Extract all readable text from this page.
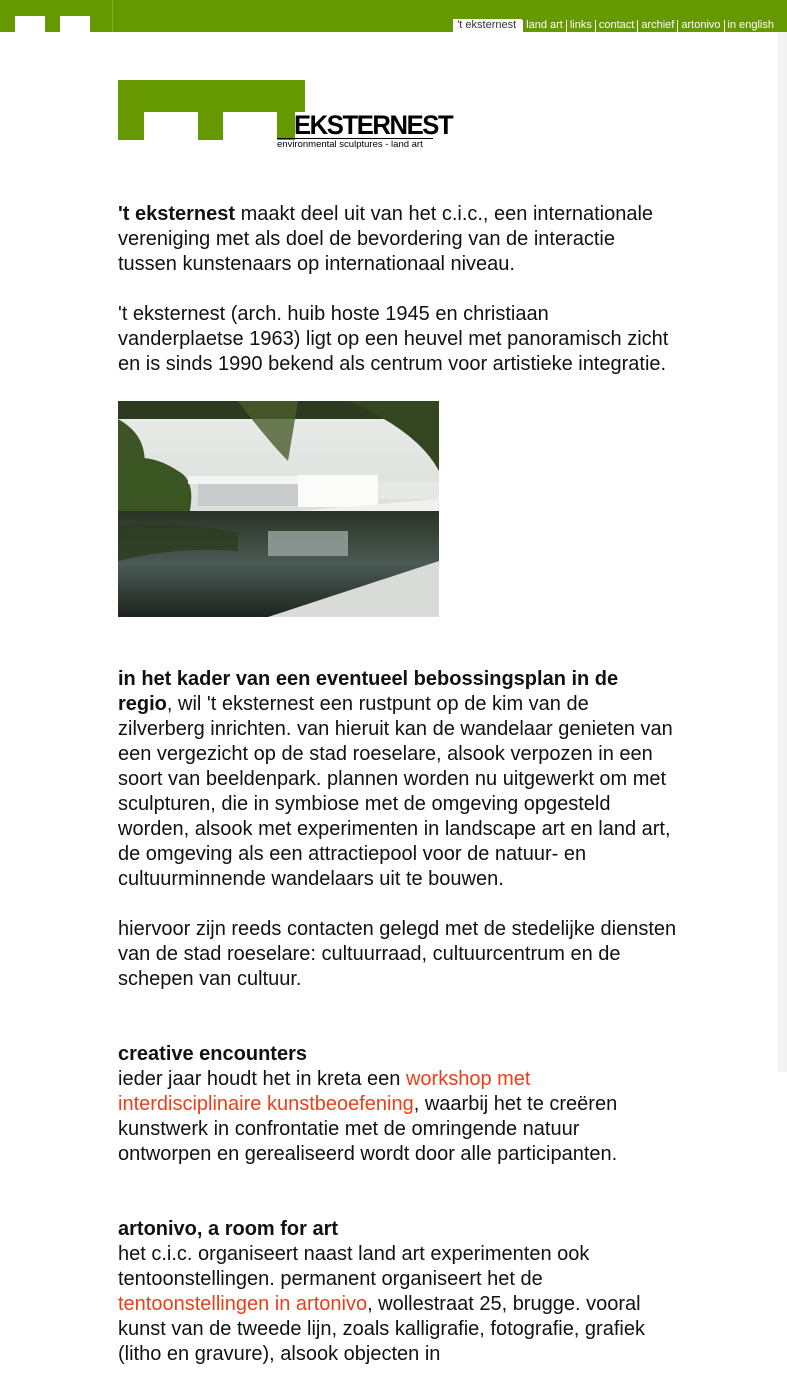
't eksternest land art links contact archief artonivo in english
EKSTERNEST
environmental sculptures - land art

't eksternest maakt deel uit van het c.i.c., een internationale vereniging met als doel de bevordering van de interactie tussen kunstenaars op internationaal niveau.

't eksternest (arch. huib hoste 1945 en christiaan vanderplaetse 1963) ligt op een heuvel met panoramisch zicht en is sinds 1990 bekend als centrum voor artistieke integratie.

in het kader van een eventueel bebossingsplan in de regio, wil 't eksternest een rustpunt op de kim van de zilverberg inrichten. van hieruit kan de wandelaar genieten van een vergezicht op de stad roeselare, alsook verpozen in een soort van beeldenpark. plannen worden nu uitgewerkt om met sculpturen, die in symbiose met de omgeving opgesteld worden, alsook met experimenten in landscape art en land art, de omgeving als een attractiepool voor de natuur- en cultuurminnende wandelaars uit te bouwen.

hiervoor zijn reeds contacten gelegd met de stedelijke diensten van de stad roeselare: cultuurraad, cultuurcentrum en de schepen van cultuur.

creative encounters
ieder jaar houdt het in kreta een workshop met interdisciplinaire kunstbeoefening, waarbij het te creëren kunstwerk in confrontatie met de omringende natuur ontworpen en gerealiseerd wordt door alle participanten.

artonivo, a room for art
het c.i.c. organiseert naast land art experimenten ook tentoonstellingen. permanent organiseert het de tentoonstellingen in artonivo, wollestraat 25, brugge. vooral kunst van de tweede lijn, zoals kalligrafie, fotografie, grafiek (litho en gravure), alsook objecten in
